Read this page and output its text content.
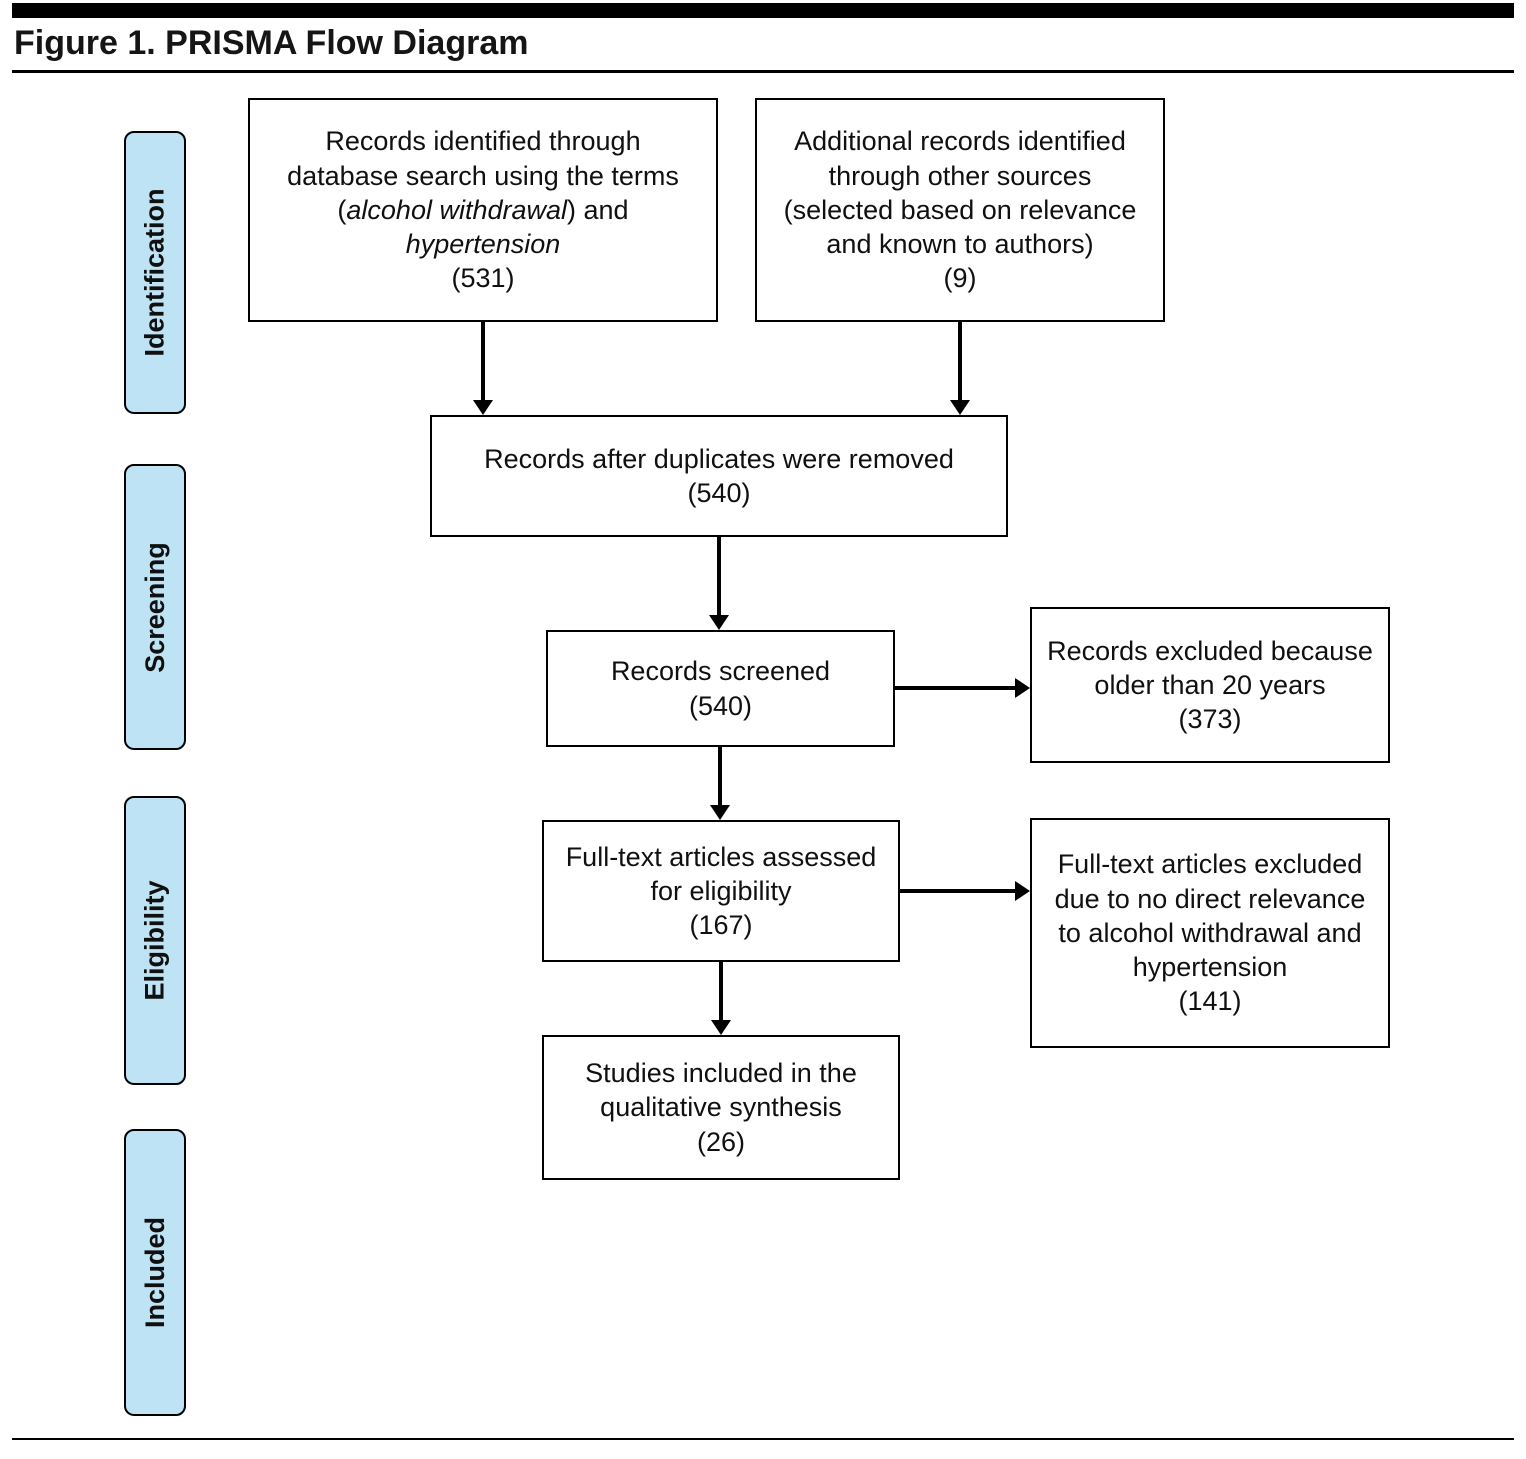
Figure 1. PRISMA Flow Diagram
Identification
Screening
Eligibility
Included
Records identified through
database search using the terms
(alcohol withdrawal) and
hypertension
(531)
Additional records identified
through other sources
(selected based on relevance
and known to authors)
(9)
Records after duplicates were removed
(540)
Records screened
(540)
Records excluded because
older than 20 years
(373)
Full-text articles assessed
for eligibility
(167)
Full-text articles excluded
due to no direct relevance
to alcohol withdrawal and
hypertension
(141)
Studies included in the
qualitative synthesis
(26)
